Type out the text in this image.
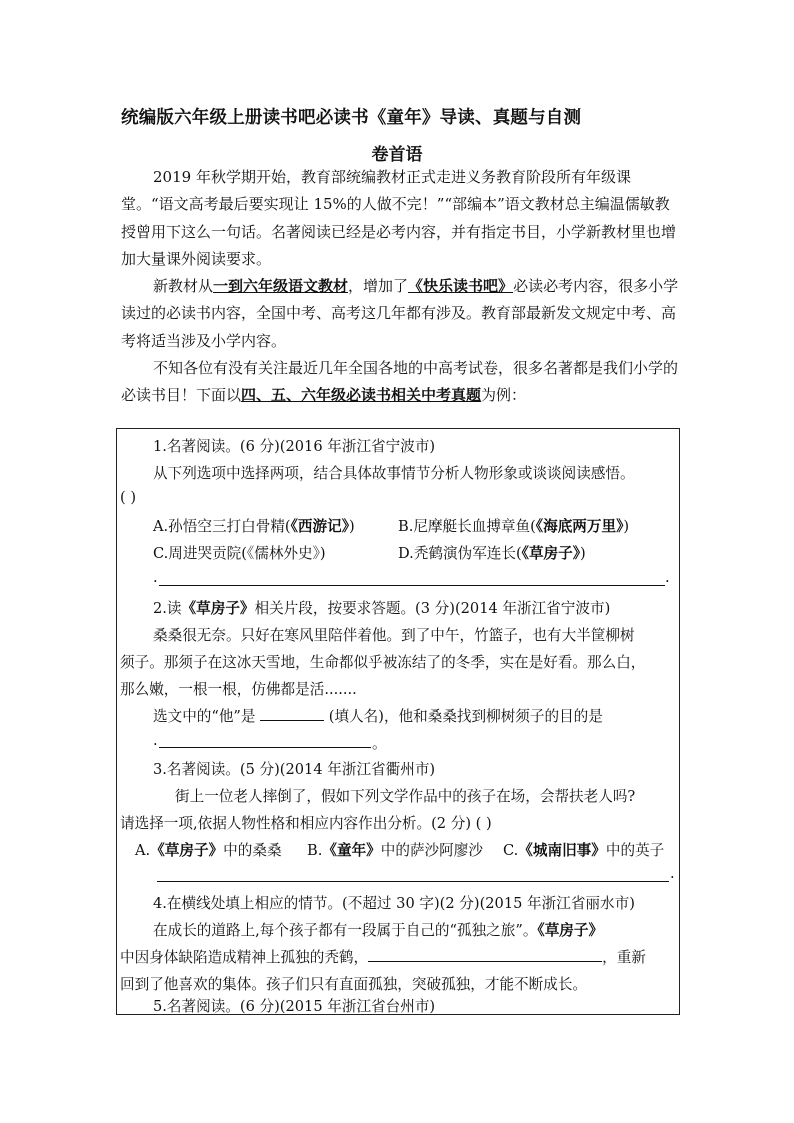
统编版六年级上册读书吧必读书《童年》导读、真题与自测
卷首语

2019 年秋学期开始，教育部统编教材正式走进义务教育阶段所有年级课堂。“语文高考最后要实现让 15%的人做不完！”“部编本”语文教材总主编温儒敏教授曾用下这么一句话。名著阅读已经是必考内容，并有指定书目，小学新教材里也增加大量课外阅读要求。

新教材从一到六年级语文教材，增加了《快乐读书吧》必读必考内容，很多小学读过的必读书内容，全国中考、高考这几年都有涉及。教育部最新发文规定中考、高考将适当涉及小学内容。

不知各位有没有关注最近几年全国各地的中高考试卷，很多名著都是我们小学的必读书目！下面以四、五、六年级必读书相关中考真题为例：

1.名著阅读。(6 分)(2016 年浙江省宁波市)
从下列选项中选择两项，结合具体故事情节分析人物形象或谈谈阅读感悟。
( )
A.孙悟空三打白骨精(《西游记》)	B.尼摩艇长血搏章鱼(《海底两万里》)
C.周进哭贡院(《儒林外史》)	D.秃鹤演伪军连长(《草房子》)
.	.
2.读《草房子》相关片段，按要求答题。(3 分)(2014 年浙江省宁波市)
桑桑很无奈。只好在寒风里陪伴着他。到了中午，竹篮子，也有大半筐柳树
须子。那须子在这冰天雪地，生命都似乎被冻结了的冬季，实在是好看。那么白，
那么嫩，一根一根，仿佛都是活.......
选文中的“他”是	(填人名)，他和桑桑找到柳树须子的目的是
.	。
3.名著阅读。(5 分)(2014 年浙江省衢州市)
街上一位老人摔倒了，假如下列文学作品中的孩子在场，会帮扶老人吗?
请选择一项,依据人物性格和相应内容作出分析。(2 分) ( )
A.《草房子》中的桑桑 B.《童年》中的萨沙阿廖沙 C.《城南旧事》中的英子
.
4.在横线处填上相应的情节。(不超过 30 字)(2 分)(2015 年浙江省丽水市)
在成长的道路上,每个孩子都有一段属于自己的“孤独之旅”。《草房子》
中因身体缺陷造成精神上孤独的秃鹤，	，重新
回到了他喜欢的集体。孩子们只有直面孤独，突破孤独，才能不断成长。
5.名著阅读。(6 分)(2015 年浙江省台州市)
